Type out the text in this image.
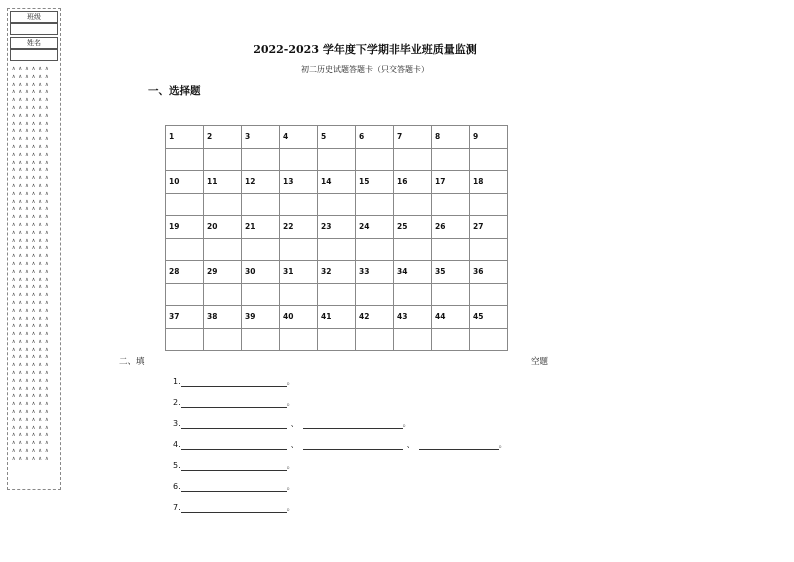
班级
姓名
∧ ∧ ∧ ∧ ∧ ∧
∧ ∧ ∧ ∧ ∧ ∧
∧ ∧ ∧ ∧ ∧ ∧
∧ ∧ ∧ ∧ ∧ ∧
∧ ∧ ∧ ∧ ∧ ∧
∧ ∧ ∧ ∧ ∧ ∧
∧ ∧ ∧ ∧ ∧ ∧
∧ ∧ ∧ ∧ ∧ ∧
∧ ∧ ∧ ∧ ∧ ∧
∧ ∧ ∧ ∧ ∧ ∧
∧ ∧ ∧ ∧ ∧ ∧
∧ ∧ ∧ ∧ ∧ ∧
∧ ∧ ∧ ∧ ∧ ∧
∧ ∧ ∧ ∧ ∧ ∧
∧ ∧ ∧ ∧ ∧ ∧
∧ ∧ ∧ ∧ ∧ ∧
∧ ∧ ∧ ∧ ∧ ∧
∧ ∧ ∧ ∧ ∧ ∧
∧ ∧ ∧ ∧ ∧ ∧
∧ ∧ ∧ ∧ ∧ ∧
∧ ∧ ∧ ∧ ∧ ∧
∧ ∧ ∧ ∧ ∧ ∧
∧ ∧ ∧ ∧ ∧ ∧
∧ ∧ ∧ ∧ ∧ ∧
∧ ∧ ∧ ∧ ∧ ∧
∧ ∧ ∧ ∧ ∧ ∧
∧ ∧ ∧ ∧ ∧ ∧
∧ ∧ ∧ ∧ ∧ ∧
∧ ∧ ∧ ∧ ∧ ∧
∧ ∧ ∧ ∧ ∧ ∧
∧ ∧ ∧ ∧ ∧ ∧
∧ ∧ ∧ ∧ ∧ ∧
∧ ∧ ∧ ∧ ∧ ∧
∧ ∧ ∧ ∧ ∧ ∧
∧ ∧ ∧ ∧ ∧ ∧
∧ ∧ ∧ ∧ ∧ ∧
∧ ∧ ∧ ∧ ∧ ∧
∧ ∧ ∧ ∧ ∧ ∧
∧ ∧ ∧ ∧ ∧ ∧
∧ ∧ ∧ ∧ ∧ ∧
∧ ∧ ∧ ∧ ∧ ∧
∧ ∧ ∧ ∧ ∧ ∧
∧ ∧ ∧ ∧ ∧ ∧
∧ ∧ ∧ ∧ ∧ ∧
∧ ∧ ∧ ∧ ∧ ∧
∧ ∧ ∧ ∧ ∧ ∧
∧ ∧ ∧ ∧ ∧ ∧
∧ ∧ ∧ ∧ ∧ ∧
∧ ∧ ∧ ∧ ∧ ∧
∧ ∧ ∧ ∧ ∧ ∧
∧ ∧ ∧ ∧ ∧ ∧
2022-2023 学年度下学期非毕业班质量监测
初二历史试题答题卡（只交答题卡）
一、选择题
1	2	3	4	5	6	7	8	9

10	11	12	13	14	15	16	17	18

19	20	21	22	23	24	25	26	27

28	29	30	31	32	33	34	35	36

37	38	39	40	41	42	43	44	45

二、填	空题
1.	。
2.	。
3.	、	。
4.	、	、	。
5.	。
6.	。
7.	。
